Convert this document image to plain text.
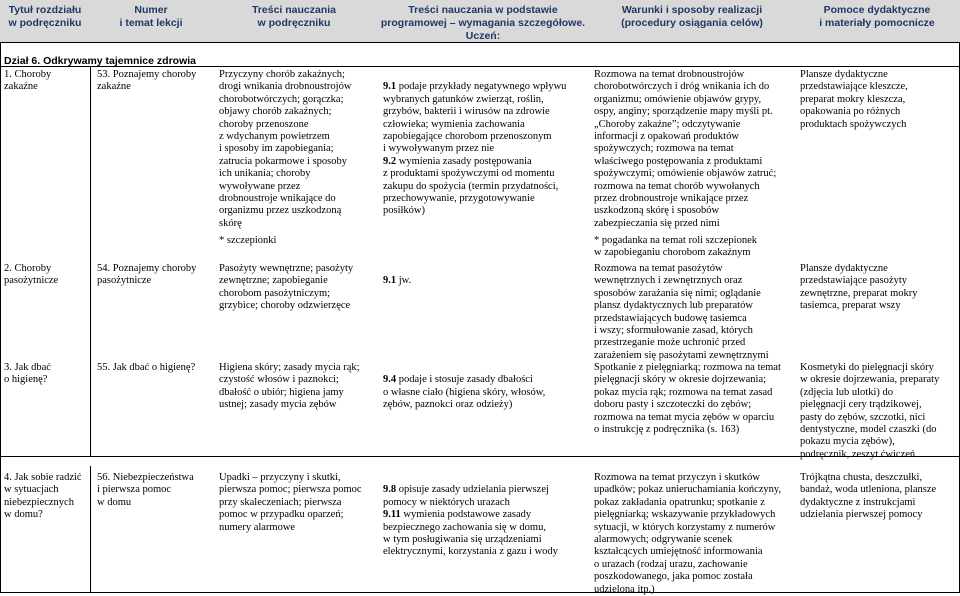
Tytuł rozdziału
w podręczniku
Numer
i temat lekcji
Treści nauczania
w podręczniku
Treści nauczania w podstawie
programowej – wymagania szczegółowe.
Uczeń:
Warunki i sposoby realizacji
(procedury osiągania celów)
Pomoce dydaktyczne
i materiały pomocnicze
Dział 6. Odkrywamy tajemnice zdrowia
1. Choroby
zakaźne
53. Poznajemy choroby
zakaźne
Przyczyny chorób zakaźnych;
drogi wnikania drobnoustrojów
chorobotwórczych; gorączka;
objawy chorób zakaźnych;
choroby przenoszone
z wdychanym powietrzem
i sposoby im zapobiegania;
zatrucia pokarmowe i sposoby
ich unikania; choroby
wywoływane przez
drobnoustroje wnikające do
organizmu przez uszkodzoną
skórę
* szczepionki

9.1 podaje przykłady negatywnego wpływu
wybranych gatunków zwierząt, roślin,
grzybów, bakterii i wirusów na zdrowie
człowieka; wymienia zachowania
zapobiegające chorobom przenoszonym
i wywoływanym przez nie
9.2 wymienia zasady postępowania
z produktami spożywczymi od momentu
zakupu do spożycia (termin przydatności,
przechowywanie, przygotowywanie
posiłków)

Rozmowa na temat drobnoustrojów
chorobotwórczych i dróg wnikania ich do
organizmu; omówienie objawów grypy,
ospy, anginy; sporządzenie mapy myśli pt.
„Choroby zakaźne”; odczytywanie
informacji z opakowań produktów
spożywczych; rozmowa na temat
właściwego postępowania z produktami
spożywczymi; omówienie objawów zatruć;
rozmowa na temat chorób wywołanych
przez drobnoustroje wnikające przez
uszkodzoną skórę i sposobów
zabezpieczania się przed nimi
* pogadanka na temat roli szczepionek
w zapobieganiu chorobom zakaźnym
Plansze dydaktyczne
przedstawiające kleszcze,
preparat mokry kleszcza,
opakowania po różnych
produktach spożywczych
2. Choroby
pasożytnicze
54. Poznajemy choroby
pasożytnicze
Pasożyty wewnętrzne; pasożyty
zewnętrzne; zapobieganie
chorobom pasożytniczym;
grzybice; choroby odzwierzęce

9.1 jw.

Rozmowa na temat pasożytów
wewnętrznych i zewnętrznych oraz
sposobów zarażania się nimi; oglądanie
plansz dydaktycznych lub preparatów
przedstawiających budowę tasiemca
i wszy; sformułowanie zasad, których
przestrzeganie może uchronić przed
zarażeniem się pasożytami zewnętrznymi
Plansze dydaktyczne
przedstawiające pasożyty
zewnętrzne, preparat mokry
tasiemca, preparat wszy
3. Jak dbać
o higienę?
55. Jak dbać o higienę?	Higiena skóry; zasady mycia rąk;
czystość włosów i paznokci;
dbałość o ubiór; higiena jamy
ustnej; zasady mycia zębów

9.4 podaje i stosuje zasady dbałości
o własne ciało (higiena skóry, włosów,
zębów, paznokci oraz odzieży)

Spotkanie z pielęgniarką; rozmowa na temat
pielęgnacji skóry w okresie dojrzewania;
pokaz mycia rąk; rozmowa na temat zasad
doboru pasty i szczoteczki do zębów;
rozmowa na temat mycia zębów w oparciu
o instrukcję z podręcznika (s. 163)
Kosmetyki do pielęgnacji skóry
w okresie dojrzewania, preparaty
(zdjęcia lub ulotki) do
pielęgnacji cery trądzikowej,
pasty do zębów, szczotki, nici
dentystyczne, model czaszki (do
pokazu mycia zębów),
podręcznik, zeszyt ćwiczeń
4. Jak sobie radzić
w sytuacjach
niebezpiecznych
w domu?
56. Niebezpieczeństwa
i pierwsza pomoc
w domu
Upadki – przyczyny i skutki,
pierwsza pomoc; pierwsza pomoc
przy skaleczeniach; pierwsza
pomoc w przypadku oparzeń;
numery alarmowe

9.8 opisuje zasady udzielania pierwszej
pomocy w niektórych urazach
9.11 wymienia podstawowe zasady
bezpiecznego zachowania się w domu,
w tym posługiwania się urządzeniami
elektrycznymi, korzystania z gazu i wody

Rozmowa na temat przyczyn i skutków
upadków; pokaz unieruchamiania kończyny,
pokaz zakładania opatrunku; spotkanie z
pielęgniarką; wskazywanie przykładowych
sytuacji, w których korzystamy z numerów
alarmowych; odgrywanie scenek
kształcących umiejętność informowania
o urazach (rodzaj urazu, zachowanie
poszkodowanego, jaka pomoc została
udzielona itp.)
Trójkątna chusta, deszczułki,
bandaż, woda utleniona, plansze
dydaktyczne z instrukcjami
udzielania pierwszej pomocy
